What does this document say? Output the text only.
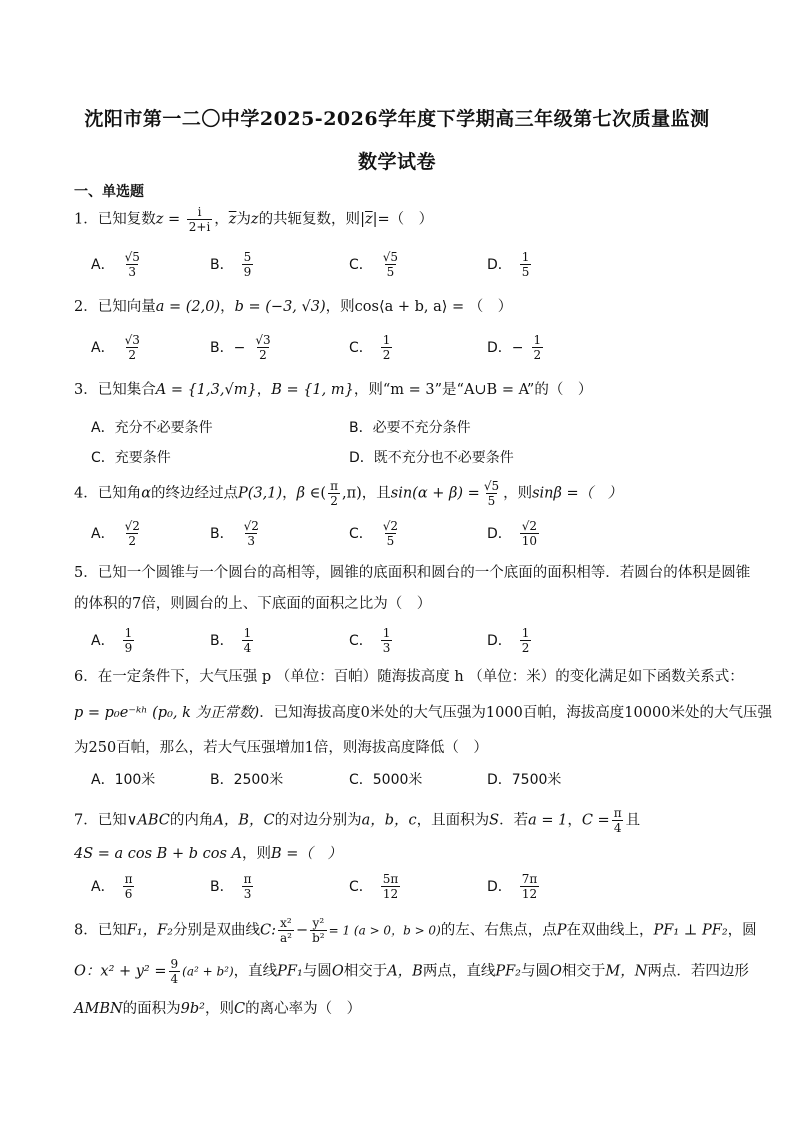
沈阳市第一二〇中学2025-2026学年度下学期高三年级第七次质量监测
数学试卷
一、单选题
1．已知复数$z = \frac{i}{2+i}$ ，$\overline{z}$为z的共轭复数，则$|\overline{z}|=$（　）
A． $\frac{√5}{3}$	B． $\frac{5}{9}$	C． $\frac{√5}{5}$	D． $\frac{1}{5}$
2．已知向量a = (2,0)，b = (−3, √3)，则cos⟨a + b, a⟩ = （　）
A． $\frac{√3}{2}$	B．− $\frac{√3}{2}$	C． $\frac{1}{2}$	D．− $\frac{1}{2}$
3．已知集合A = {1,3,√m}，B = {1, m}，则“m = 3”是“A∪B = A”的（　）
A．充分不必要条件	B．必要不充分条件
C．充要条件	D．既不充分也不必要条件
4．已知角α的终边经过点P(3,1)，β ∈( $\frac{\pi}{2} ,\pi$)，且$\sin(\alpha + \beta) = \frac{√5}{5}$ ，则sinβ =（　）
A． $\frac{√2}{2}$	B． $\frac{√2}{3}$	C． $\frac{√2}{5}$	D． $\frac{√2}{10}$
5．已知一个圆锥与一个圆台的高相等，圆锥的底面积和圆台的一个底面的面积相等．若圆台的体积是圆锥
的体积的7倍，则圆台的上、下底面的面积之比为（　）
A． $\frac{1}{9}$	B． $\frac{1}{4}$	C． $\frac{1}{3}$	D． $\frac{1}{2}$
6．在一定条件下，大气压强 p （单位：百帕）随海拔高度 h （单位：米）的变化满足如下函数关系式：
p = p₀e⁻ᵏʰ (p₀, k 为正常数)．已知海拔高度0米处的大气压强为1000百帕，海拔高度10000米处的大气压强
为250百帕，那么，若大气压强增加1倍，则海拔高度降低（　）
A．100米	B．2500米	C．5000米	D．7500米
7．已知∨ABC的内角A，B，C的对边分别为a，b，c，且面积为S．若a = 1，$C = \frac{\pi}{4}$ 且
4S = a cos B + b cos A，则B =（　）
A． $\frac{\pi}{6}$	B． $\frac{\pi}{3}$	C． $\frac{5\pi}{12}$	D． $\frac{7\pi}{12}$
8．已知F₁，F₂分别是双曲线C: $\frac{\text{x²}}{\text{a²}} - \frac{\text{y²}}{\text{b²}} = 1$ (a > 0，b > 0)的左、右焦点，点P在双曲线上，PF₁ ⊥ PF₂，圆
O：$x^2 + y^2 = \frac{9}{4} (a^2 + b^2)$，直线PF₁与圆O相交于A，B两点，直线PF₂与圆O相交于M，N两点．若四边形
AMBN的面积为9b²，则C的离心率为（　）
